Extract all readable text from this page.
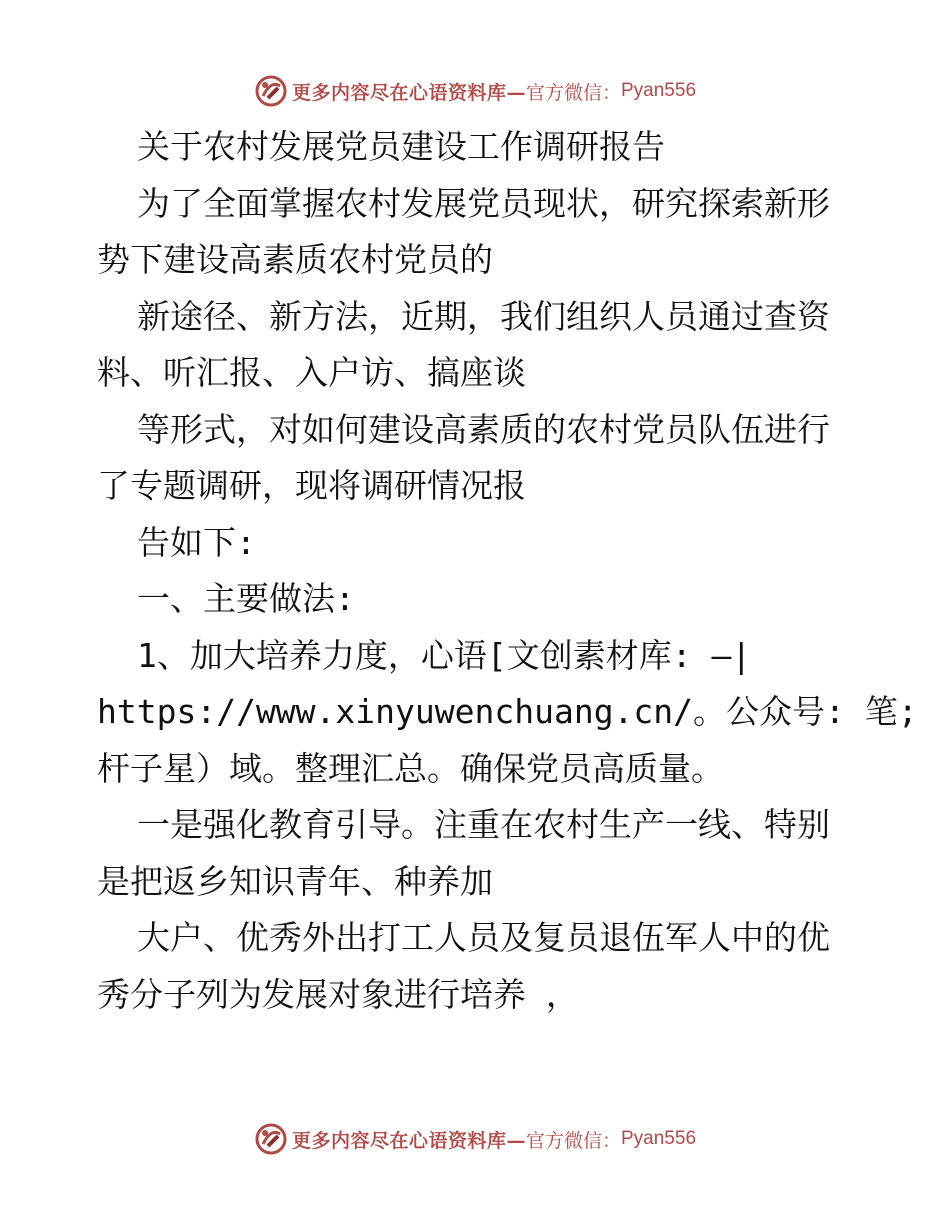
更多内容尽在心语资料库— 官方微信： Pyan556
关于农村发展党员建设工作调研报告
为了全面掌握农村发展党员现状，研究探索新形
势下建设高素质农村党员的
新途径、新方法，近期，我们组织人员通过查资
料、听汇报、入户访、搞座谈
等形式，对如何建设高素质的农村党员队伍进行
了专题调研，现将调研情况报
告如下:
一、主要做法:
1、加大培养力度，心语[文创素材库: —|
https://www.xinyuwenchuang.cn/。公众号: 笔;
杆子星）域。整理汇总。确保党员高质量。
一是强化教育引导。注重在农村生产一线、特别
是把返乡知识青年、种养加
大户、优秀外出打工人员及复员退伍军人中的优
秀分子列为发展对象进行培养 ，
更多内容尽在心语资料库— 官方微信： Pyan556
